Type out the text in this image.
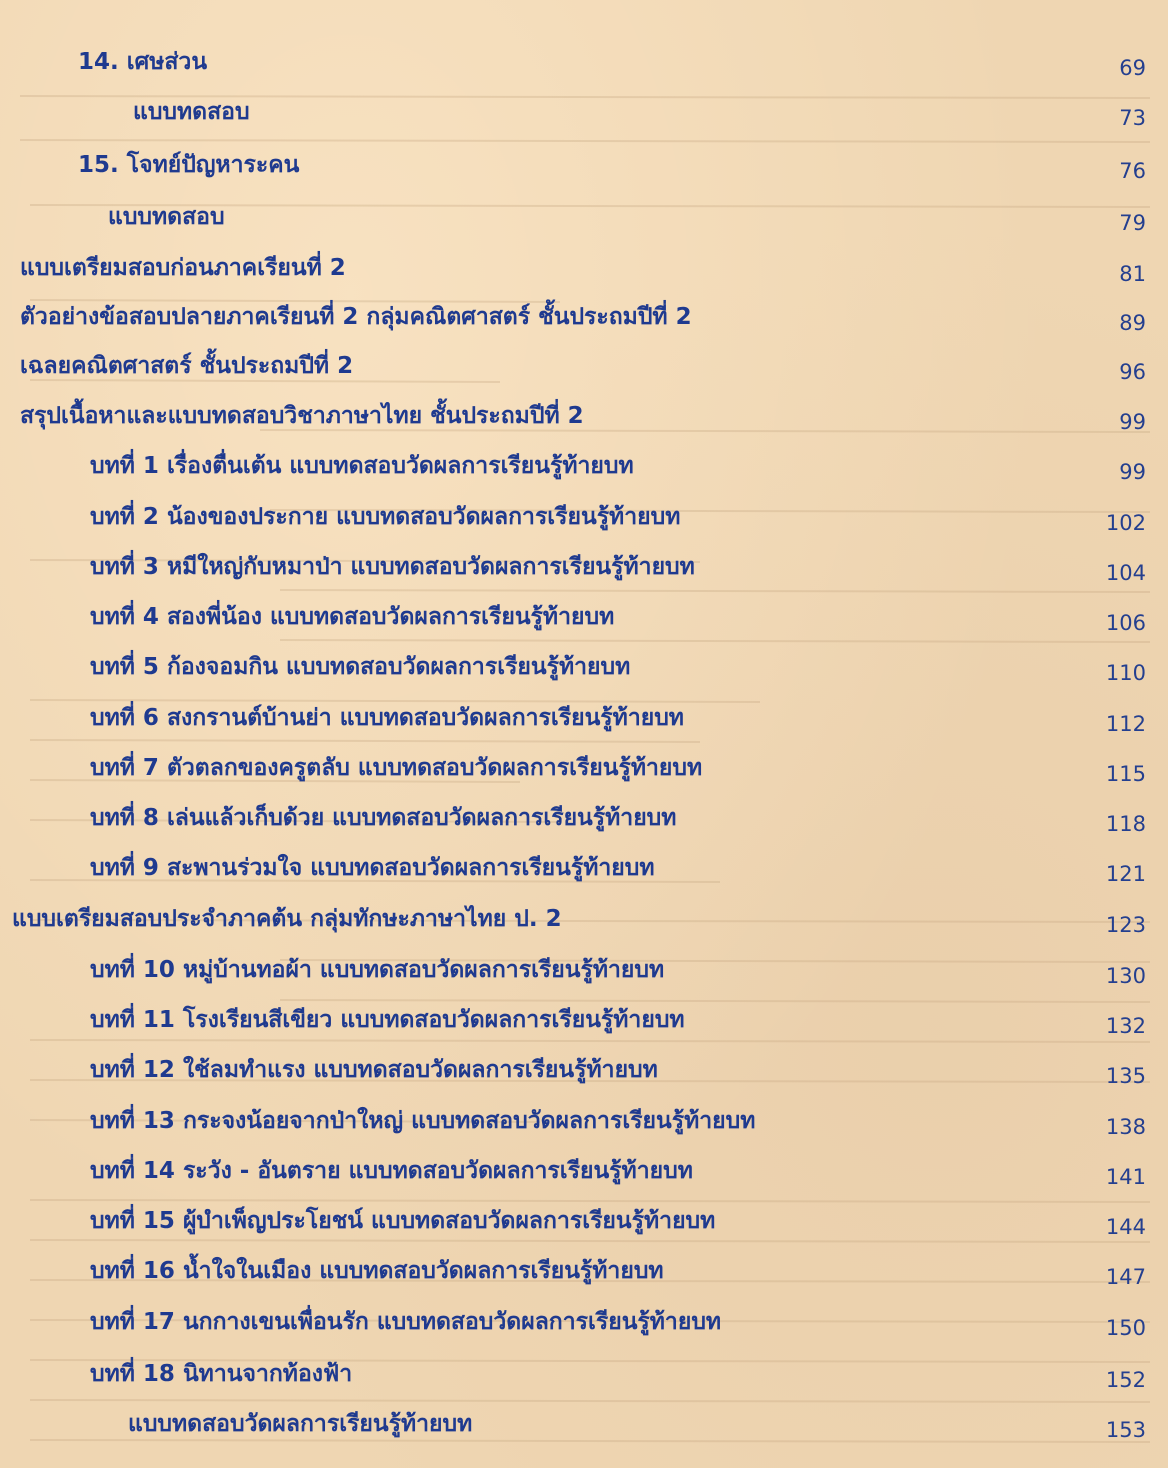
14. เศษส่วน	69
แบบทดสอบ	73
15. โจทย์ปัญหาระคน	76
แบบทดสอบ	79
แบบเตรียมสอบก่อนภาคเรียนที่ 2	81
ตัวอย่างข้อสอบปลายภาคเรียนที่ 2 กลุ่มคณิตศาสตร์ ชั้นประถมปีที่ 2	89
เฉลยคณิตศาสตร์ ชั้นประถมปีที่ 2	96
สรุปเนื้อหาและแบบทดสอบวิชาภาษาไทย ชั้นประถมปีที่ 2	99
บทที่ 1 เรื่องตื่นเต้น แบบทดสอบวัดผลการเรียนรู้ท้ายบท	99
บทที่ 2 น้องของประกาย แบบทดสอบวัดผลการเรียนรู้ท้ายบท	102
บทที่ 3 หมีใหญ่กับหมาป่า แบบทดสอบวัดผลการเรียนรู้ท้ายบท	104
บทที่ 4 สองพี่น้อง แบบทดสอบวัดผลการเรียนรู้ท้ายบท	106
บทที่ 5 ก้องจอมกิน แบบทดสอบวัดผลการเรียนรู้ท้ายบท	110
บทที่ 6 สงกรานต์บ้านย่า แบบทดสอบวัดผลการเรียนรู้ท้ายบท	112
บทที่ 7 ตัวตลกของครูตลับ แบบทดสอบวัดผลการเรียนรู้ท้ายบท	115
บทที่ 8 เล่นแล้วเก็บด้วย แบบทดสอบวัดผลการเรียนรู้ท้ายบท	118
บทที่ 9 สะพานร่วมใจ แบบทดสอบวัดผลการเรียนรู้ท้ายบท	121
แบบเตรียมสอบประจำภาคต้น กลุ่มทักษะภาษาไทย ป. 2	123
บทที่ 10 หมู่บ้านทอผ้า แบบทดสอบวัดผลการเรียนรู้ท้ายบท	130
บทที่ 11 โรงเรียนสีเขียว แบบทดสอบวัดผลการเรียนรู้ท้ายบท	132
บทที่ 12 ใช้ลมทำแรง แบบทดสอบวัดผลการเรียนรู้ท้ายบท	135
บทที่ 13 กระจงน้อยจากป่าใหญ่ แบบทดสอบวัดผลการเรียนรู้ท้ายบท	138
บทที่ 14 ระวัง - อันตราย แบบทดสอบวัดผลการเรียนรู้ท้ายบท	141
บทที่ 15 ผู้บำเพ็ญประโยชน์ แบบทดสอบวัดผลการเรียนรู้ท้ายบท	144
บทที่ 16 น้ำใจในเมือง แบบทดสอบวัดผลการเรียนรู้ท้ายบท	147
บทที่ 17 นกกางเขนเพื่อนรัก แบบทดสอบวัดผลการเรียนรู้ท้ายบท	150
บทที่ 18 นิทานจากท้องฟ้า	152
แบบทดสอบวัดผลการเรียนรู้ท้ายบท	153
